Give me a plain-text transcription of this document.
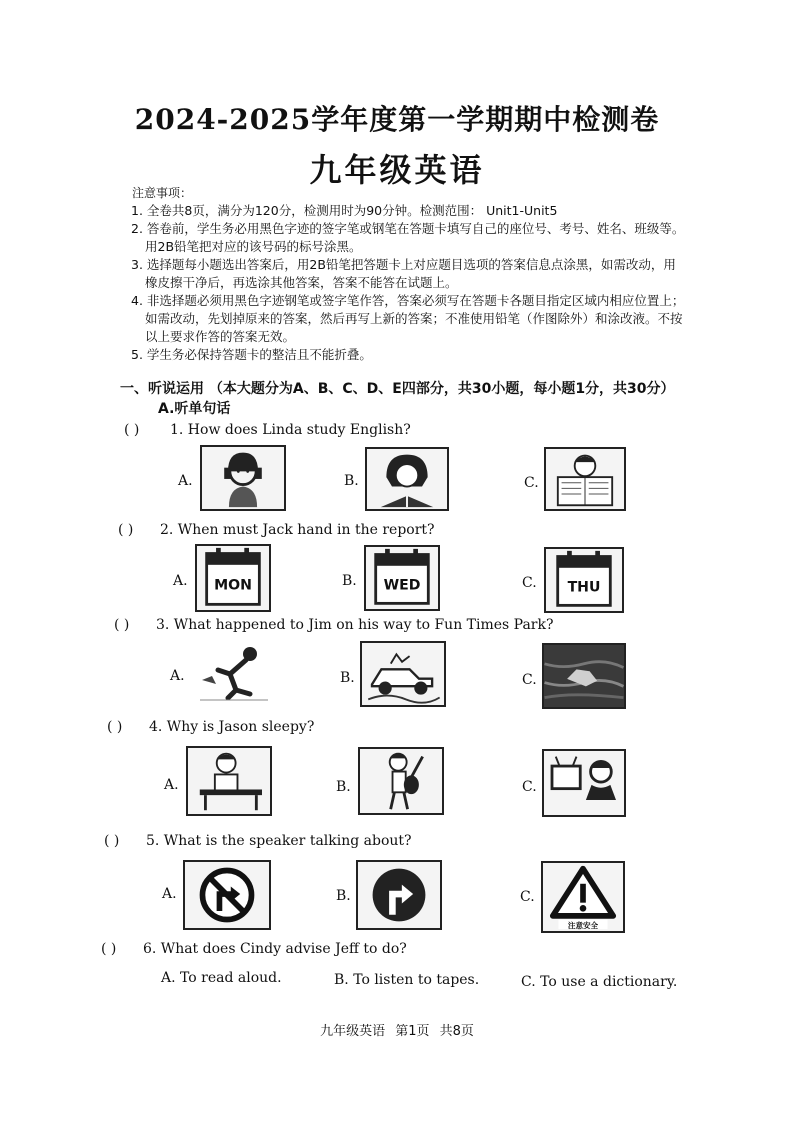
2024-2025学年度第一学期期中检测卷
九年级英语
注意事项：
1. 全卷共8页，满分为120分，检测用时为90分钟。检测范围： Unit1-Unit5
2. 答卷前，学生务必用黑色字迹的签字笔或钢笔在答题卡填写自己的座位号、考号、姓名、班级等。
用2B铅笔把对应的该号码的标号涂黑。
3. 选择题每小题选出答案后，用2B铅笔把答题卡上对应题目选项的答案信息点涂黑，如需改动，用
橡皮擦干净后，再选涂其他答案，答案不能答在试题上。
4. 非选择题必须用黑色字迹钢笔或签字笔作答，答案必须写在答题卡各题目指定区域内相应位置上；
如需改动，先划掉原来的答案，然后再写上新的答案；不准使用铅笔（作图除外）和涂改液。不按
以上要求作答的答案无效。
5. 学生务必保持答题卡的整洁且不能折叠。
一、听说运用 （本大题分为A、B、C、D、E四部分，共30小题，每小题1分，共30分）
A.听单句话
( ) 1. How does Linda study English?
A.	B.	C.
( ) 2. When must Jack hand in the report?
A. MON	B. WED	C. THU
( ) 3. What happened to Jim on his way to Fun Times Park?
A.	B.	C.
( ) 4. Why is Jason sleepy?
A.	B.	C.
( ) 5. What is the speaker talking about?
A.	B.	C.
注意安全
( ) 6. What does Cindy advise Jeff to do?
A. To read aloud.	B. To listen to tapes.	C. To use a dictionary.
九年级英语 第1页 共8页
